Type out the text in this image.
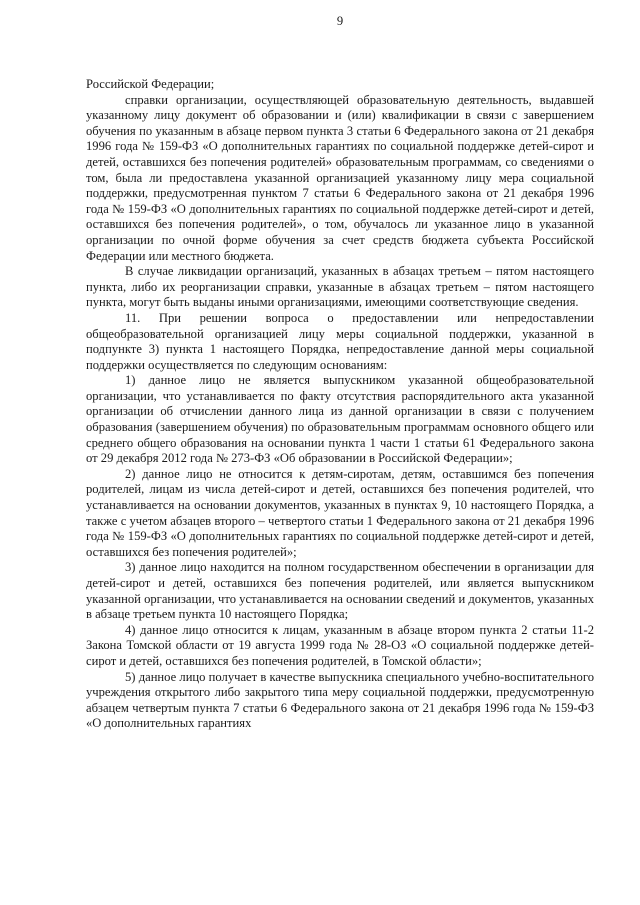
9

Российской Федерации;

справки организации, осуществляющей образовательную деятельность, выдавшей указанному лицу документ об образовании и (или) квалификации в связи с завершением обучения по указанным в абзаце первом пункта 3 статьи 6 Федерального закона от 21 декабря 1996 года № 159-ФЗ «О дополнительных гарантиях по социальной поддержке детей-сирот и детей, оставшихся без попечения родителей» образовательным программам, со сведениями о том, была ли предоставлена указанной организацией указанному лицу мера социальной поддержки, предусмотренная пунктом 7 статьи 6 Федерального закона от 21 декабря 1996 года № 159-ФЗ «О дополнительных гарантиях по социальной поддержке детей-сирот и детей, оставшихся без попечения родителей», о том, обучалось ли указанное лицо в указанной организации по очной форме обучения за счет средств бюджета субъекта Российской Федерации или местного бюджета.

В случае ликвидации организаций, указанных в абзацах третьем – пятом настоящего пункта, либо их реорганизации справки, указанные в абзацах третьем – пятом настоящего пункта, могут быть выданы иными организациями, имеющими соответствующие сведения.

11. При решении вопроса о предоставлении или непредоставлении общеобразовательной организацией лицу меры социальной поддержки, указанной в подпункте 3) пункта 1 настоящего Порядка, непредоставление данной меры социальной поддержки осуществляется по следующим основаниям:

1) данное лицо не является выпускником указанной общеобразовательной организации, что устанавливается по факту отсутствия распорядительного акта указанной организации об отчислении данного лица из данной организации в связи с получением образования (завершением обучения) по образовательным программам основного общего или среднего общего образования на основании пункта 1 части 1 статьи 61 Федерального закона от 29 декабря 2012 года № 273-ФЗ «Об образовании в Российской Федерации»;

2) данное лицо не относится к детям-сиротам, детям, оставшимся без попечения родителей, лицам из числа детей-сирот и детей, оставшихся без попечения родителей, что устанавливается на основании документов, указанных в пунктах 9, 10 настоящего Порядка, а также с учетом абзацев второго – четвертого статьи 1 Федерального закона от 21 декабря 1996 года № 159-ФЗ «О дополнительных гарантиях по социальной поддержке детей-сирот и детей, оставшихся без попечения родителей»;

3) данное лицо находится на полном государственном обеспечении в организации для детей-сирот и детей, оставшихся без попечения родителей, или является выпускником указанной организации, что устанавливается на основании сведений и документов, указанных в абзаце третьем пункта 10 настоящего Порядка;

4) данное лицо относится к лицам, указанным в абзаце втором пункта 2 статьи 11-2 Закона Томской области от 19 августа 1999 года № 28-ОЗ «О социальной поддержке детей-сирот и детей, оставшихся без попечения родителей, в Томской области»;

5) данное лицо получает в качестве выпускника специального учебно-воспитательного учреждения открытого либо закрытого типа меру социальной поддержки, предусмотренную абзацем четвертым пункта 7 статьи 6 Федерального закона от 21 декабря 1996 года № 159-ФЗ «О дополнительных гарантиях
